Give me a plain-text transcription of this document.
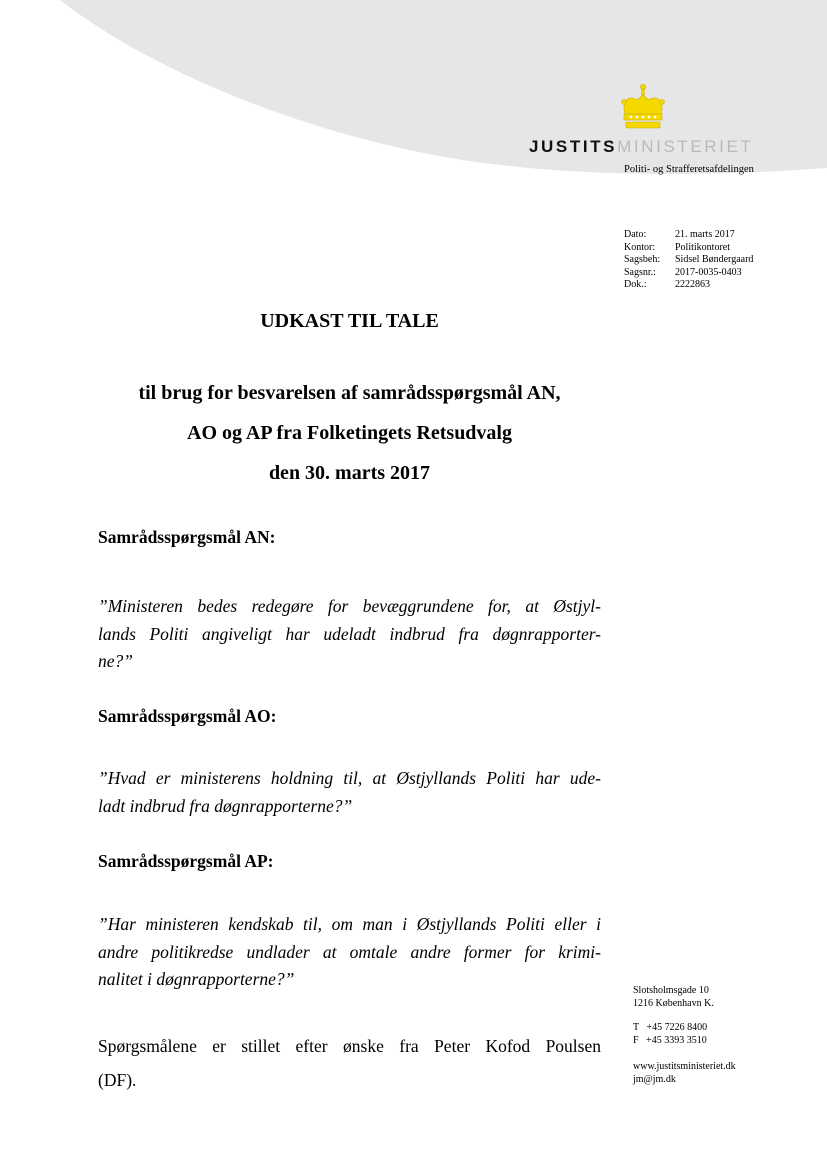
JUSTITSMINISTERIET
Politi- og Strafferetsafdelingen
Dato:	21. marts 2017
Kontor:	Politikontoret
Sagsbeh:	Sidsel Bøndergaard
Sagsnr.:	2017-0035-0403
Dok.:	2222863
UDKAST TIL TALE
til brug for besvarelsen af samrådsspørgsmål AN,
AO og AP fra Folketingets Retsudvalg
den 30. marts 2017
Samrådsspørgsmål AN:
”Ministeren bedes redegøre for bevæggrundene for, at Østjyl-
lands Politi angiveligt har udeladt indbrud fra døgnrapporter-
ne?”
Samrådsspørgsmål AO:
”Hvad er ministerens holdning til, at Østjyllands Politi har ude-
ladt indbrud fra døgnrapporterne?”
Samrådsspørgsmål AP:
”Har ministeren kendskab til, om man i Østjyllands Politi eller i
andre politikredse undlader at omtale andre former for krimi-
nalitet i døgnrapporterne?”
Spørgsmålene er stillet efter ønske fra Peter Kofod Poulsen
(DF).
Slotsholmsgade 10
1216 København K.
T   +45 7226 8400
F   +45 3393 3510
www.justitsministeriet.dk
jm@jm.dk
